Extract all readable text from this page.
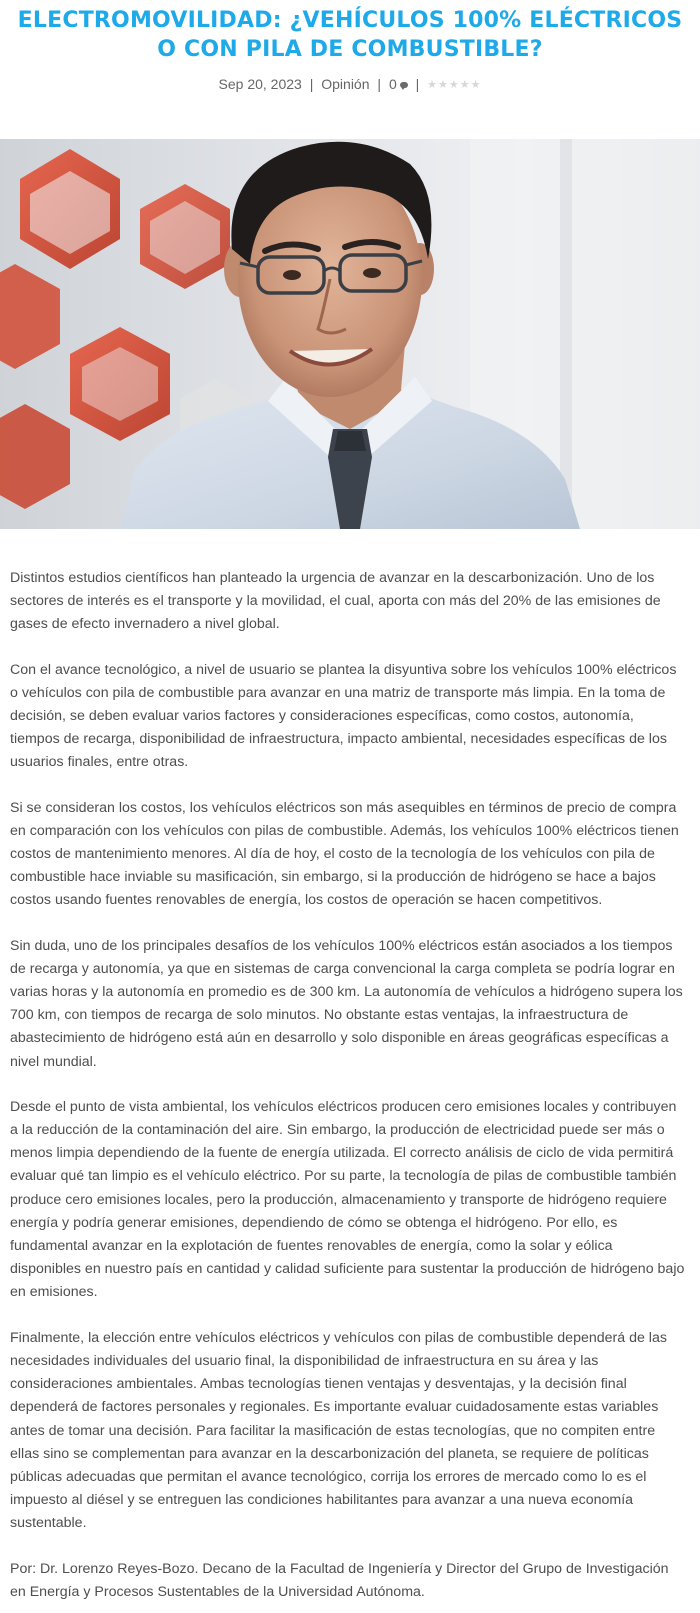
ELECTROMOVILIDAD: ¿VEHÍCULOS 100% ELÉCTRICOS O CON PILA DE COMBUSTIBLE?
Sep 20, 2023 | Opinión | 0 | ★★★★★

Distintos estudios científicos han planteado la urgencia de avanzar en la descarbonización. Uno de los sectores de interés es el transporte y la movilidad, el cual, aporta con más del 20% de las emisiones de gases de efecto invernadero a nivel global.

Con el avance tecnológico, a nivel de usuario se plantea la disyuntiva sobre los vehículos 100% eléctricos o vehículos con pila de combustible para avanzar en una matriz de transporte más limpia. En la toma de decisión, se deben evaluar varios factores y consideraciones específicas, como costos, autonomía, tiempos de recarga, disponibilidad de infraestructura, impacto ambiental, necesidades específicas de los usuarios finales, entre otras.

Si se consideran los costos, los vehículos eléctricos son más asequibles en términos de precio de compra en comparación con los vehículos con pilas de combustible. Además, los vehículos 100% eléctricos tienen costos de mantenimiento menores. Al día de hoy, el costo de la tecnología de los vehículos con pila de combustible hace inviable su masificación, sin embargo, si la producción de hidrógeno se hace a bajos costos usando fuentes renovables de energía, los costos de operación se hacen competitivos.

Sin duda, uno de los principales desafíos de los vehículos 100% eléctricos están asociados a los tiempos de recarga y autonomía, ya que en sistemas de carga convencional la carga completa se podría lograr en varias horas y la autonomía en promedio es de 300 km. La autonomía de vehículos a hidrógeno supera los 700 km, con tiempos de recarga de solo minutos. No obstante estas ventajas, la infraestructura de abastecimiento de hidrógeno está aún en desarrollo y solo disponible en áreas geográficas específicas a nivel mundial.

Desde el punto de vista ambiental, los vehículos eléctricos producen cero emisiones locales y contribuyen a la reducción de la contaminación del aire. Sin embargo, la producción de electricidad puede ser más o menos limpia dependiendo de la fuente de energía utilizada. El correcto análisis de ciclo de vida permitirá evaluar qué tan limpio es el vehículo eléctrico. Por su parte, la tecnología de pilas de combustible también produce cero emisiones locales, pero la producción, almacenamiento y transporte de hidrógeno requiere energía y podría generar emisiones, dependiendo de cómo se obtenga el hidrógeno. Por ello, es fundamental avanzar en la explotación de fuentes renovables de energía, como la solar y eólica disponibles en nuestro país en cantidad y calidad suficiente para sustentar la producción de hidrógeno bajo en emisiones.

Finalmente, la elección entre vehículos eléctricos y vehículos con pilas de combustible dependerá de las necesidades individuales del usuario final, la disponibilidad de infraestructura en su área y las consideraciones ambientales. Ambas tecnologías tienen ventajas y desventajas, y la decisión final dependerá de factores personales y regionales. Es importante evaluar cuidadosamente estas variables antes de tomar una decisión. Para facilitar la masificación de estas tecnologías, que no compiten entre ellas sino se complementan para avanzar en la descarbonización del planeta, se requiere de políticas públicas adecuadas que permitan el avance tecnológico, corrija los errores de mercado como lo es el impuesto al diésel y se entreguen las condiciones habilitantes para avanzar a una nueva economía sustentable.

Por: Dr. Lorenzo Reyes-Bozo. Decano de la Facultad de Ingeniería y Director del Grupo de Investigación en Energía y Procesos Sustentables de la Universidad Autónoma.
